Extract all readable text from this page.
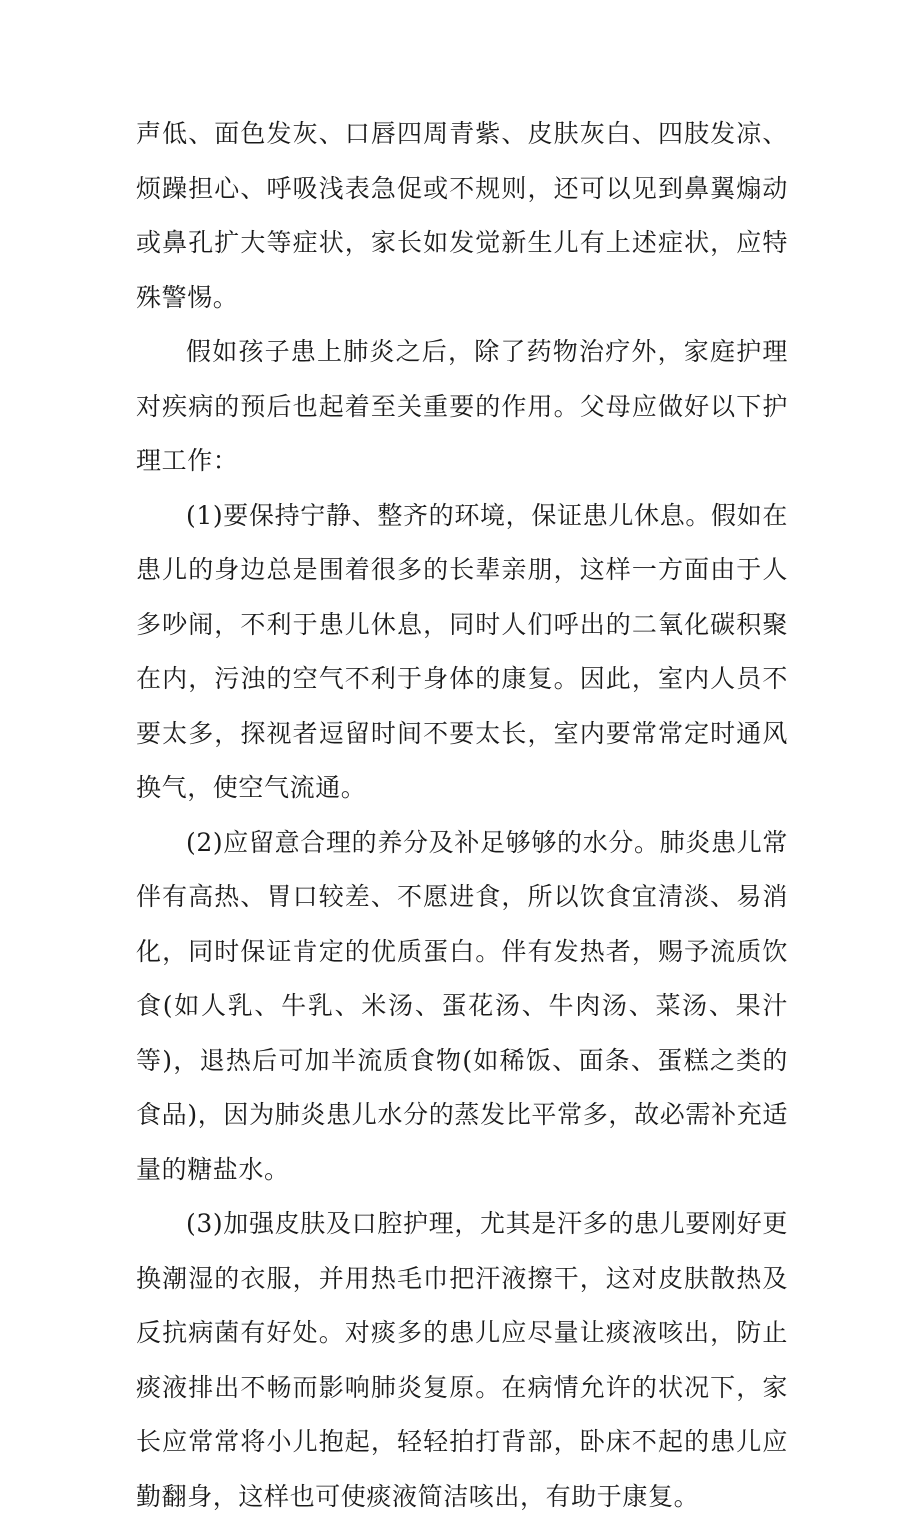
声低、面色发灰、口唇四周青紫、皮肤灰白、四肢发凉、烦躁担心、呼吸浅表急促或不规则，还可以见到鼻翼煽动或鼻孔扩大等症状，家长如发觉新生儿有上述症状，应特殊警惕。

假如孩子患上肺炎之后，除了药物治疗外，家庭护理对疾病的预后也起着至关重要的作用。父母应做好以下护理工作：

(1)要保持宁静、整齐的环境，保证患儿休息。假如在患儿的身边总是围着很多的长辈亲朋，这样一方面由于人多吵闹，不利于患儿休息，同时人们呼出的二氧化碳积聚在内，污浊的空气不利于身体的康复。因此，室内人员不要太多，探视者逗留时间不要太长，室内要常常定时通风换气，使空气流通。

(2)应留意合理的养分及补足够够的水分。肺炎患儿常伴有高热、胃口较差、不愿进食，所以饮食宜清淡、易消化，同时保证肯定的优质蛋白。伴有发热者，赐予流质饮食(如人乳、牛乳、米汤、蛋花汤、牛肉汤、菜汤、果汁等)，退热后可加半流质食物(如稀饭、面条、蛋糕之类的食品)，因为肺炎患儿水分的蒸发比平常多，故必需补充适量的糖盐水。

(3)加强皮肤及口腔护理，尤其是汗多的患儿要刚好更换潮湿的衣服，并用热毛巾把汗液擦干，这对皮肤散热及反抗病菌有好处。对痰多的患儿应尽量让痰液咳出，防止痰液排出不畅而影响肺炎复原。在病情允许的状况下，家长应常常将小儿抱起，轻轻拍打背部，卧床不起的患儿应勤翻身，这样也可使痰液简洁咳出，有助于康复。
